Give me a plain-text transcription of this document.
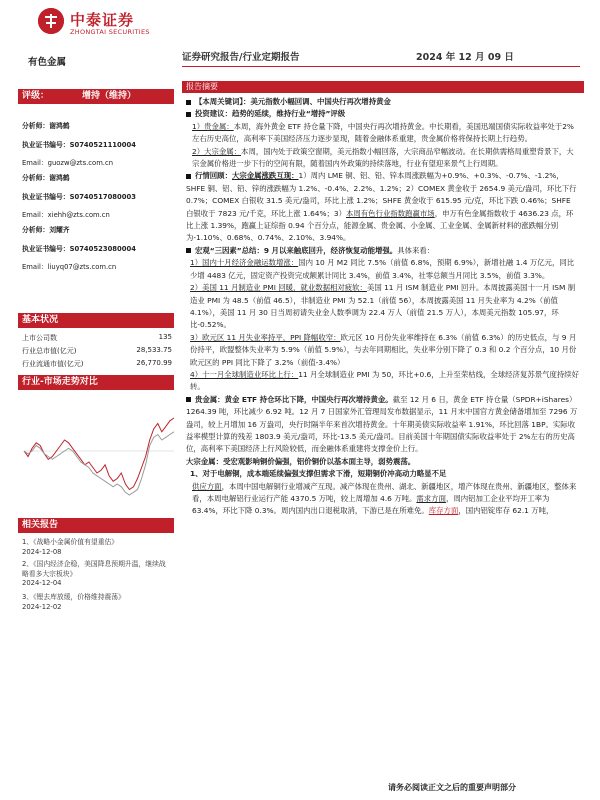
中泰证券
ZHONGTAI SECURITIES
有色金属	证券研究报告/行业定期报告	2024 年 12 月 09 日
评级：	增持（维持）
分析师：谢鸿鹤
执业证书编号：S0740521110004
Email：guozw@zts.com.cn
分析师：谢鸿鹤
执业证书编号：S0740517080003
Email：xiehh@zts.com.cn
分析师：刘耀齐
执业证书编号：S0740523080004
Email：liuyq07@zts.com.cn
基本状况
上市公司数	135
行业总市值(亿元)	28,533.75
行业流通市值(亿元)	26,770.99
行业-市场走势对比
相关报告
1、《战略小金属价值有望重估》
2024-12-08
2、《国内经济企稳，美国降息预期升温，继续战略看多大宗板块》
2024-12-04
3、《锂去库放缓，价格维持震荡》
2024-12-02
报告摘要

【本周关键词】：美元指数小幅回调、中国央行再次增持黄金

投资建议：趋势的延续，维持行业“增持”评级

1）贵金属：本周，海外黄金 ETF 持仓量下降，中国央行再次增持黄金。中长期看，美国迅端国债实际收益率处于2%左右历史高位，高利率下美国经济压力逐步显现，随着金融体系重建，贵金属价格将保持长期上行趋势。

2）大宗金属：本周，国内处于政策空窗期，美元指数小幅回落，大宗商品窄幅波动。在长期供需格局重塑背景下，大宗金属价格进一步下行的空间有限，随着国内外政策的持续落地，行业有望迎来景气上行周期。

行情回顾：大宗金属涨跌互现：1）周内 LME 铜、铝、铅、锌本周涨跌幅为+0.9%、+0.3%、-0.7%、-1.2%，SHFE 铜、铝、铅、锌的涨跌幅为 1.2%、-0.4%、2.2%、1.2%；2）COMEX 黄金收于 2654.9 美元/盎司，环比下行 0.7%；COMEX 白银收 31.5 美元/盎司，环比上涨 1.2%；SHFE 黄金收于 615.95 元/克，环比下跌 0.46%；SHFE 白银收于 7823 元/千克，环比上涨 1.64%；3）本周有色行业指数跑赢市场，申万有色金属指数收于 4636.23 点，环比上涨 1.39%，跑赢上证综指 0.94 个百分点，能源金属、贵金属、小金属、工业金属、金属新材料的涨跌幅分别为-1.10%、0.68%、0.74%、2.10%、3.94%。

宏观“三因素”总结：9 月以来触底回升，经济恢复动能增强。具体来看：

1）国内十月经济金融运数增涨：国内 10 月 M2 同比 7.5%（前值 6.8%，预期 6.9%），新增社融 1.4 万亿元，同比少增 4483 亿元，固定资产投资完成额累计同比 3.4%，前值 3.4%，社零总额当月同比 3.5%，前值 3.3%。

2）美国 11 月制造业 PMI 回暖，就业数据相对疲软：美国 11 月 ISM 制造业 PMI 回升。本周披露美国十一月 ISM 制造业 PMI 为 48.5（前值 46.5），非制造业 PMI 为 52.1（前值 56），本周披露美国 11 月失业率为 4.2%（前值 4.1%），美国 11 月 30 日当周初请失业金人数季调为 22.4 万人（前值 21.5 万人），本周美元指数 105.97，环比-0.52%。

3）欧元区 11 月失业率持平，PPI 降幅收窄：欧元区 10 月份失业率维持在 6.3%（前值 6.3%）的历史低点，与 9 月份持平，欧盟整体失业率为 5.9%（前值 5.9%），与去年同期相比，失业率分别下降了 0.3 和 0.2 个百分点，10 月份欧元区的 PPI 同比下降了 3.2%（前值-3.4%）

4）十一月全球制造业环比上行：11 月全球制造业 PMI 为 50，环比+0.6，上升至荣枯线，全球经济复苏景气度持续好转。

贵金属：黄金 ETF 持仓环比下降，中国央行再次增持黄金。截至 12 月 6 日，黄金 ETF 持仓量（SPDR+iShares）1264.39 吨，环比减少 6.92 吨。12 月 7 日国家外汇管理局发布数据显示，11 月末中国官方黄金储备增加至 7296 万盎司，较上月增加 16 万盎司，央行时隔半年来首次增持黄金。十年期美债实际收益率 1.91%，环比回落 1BP。实际收益率模型计算的残差 1803.9 美元/盎司，环比-13.5 美元/盎司。目前美国十年期国债实际收益率处于 2%左右的历史高位，高利率下美国经济上行风险较低，而金融体系重建将支撑金价上行。

大宗金属：受宏观影响铜价偏强，铝价铜价以基本面主导，弱势震荡。

1、对于电解铜，成本端延续偏强支撑但需求下滑，短期铜价冲高动力略显不足

供应方面，本周中国电解铜行业增减产互现。减产体现在贵州、湖北、新疆地区，增产体现在贵州、新疆地区，整体来看，本周电解铝行业运行产能 4370.5 万吨，较上周增加 4.6 万吨。需求方面，周内铝加工企业平均开工率为 63.4%，环比下降 0.3%。周内国内出口退税取消，下游已是在所难免。库存方面，国内铝锭库存 62.1 万吨，

请务必阅读正文之后的重要声明部分
